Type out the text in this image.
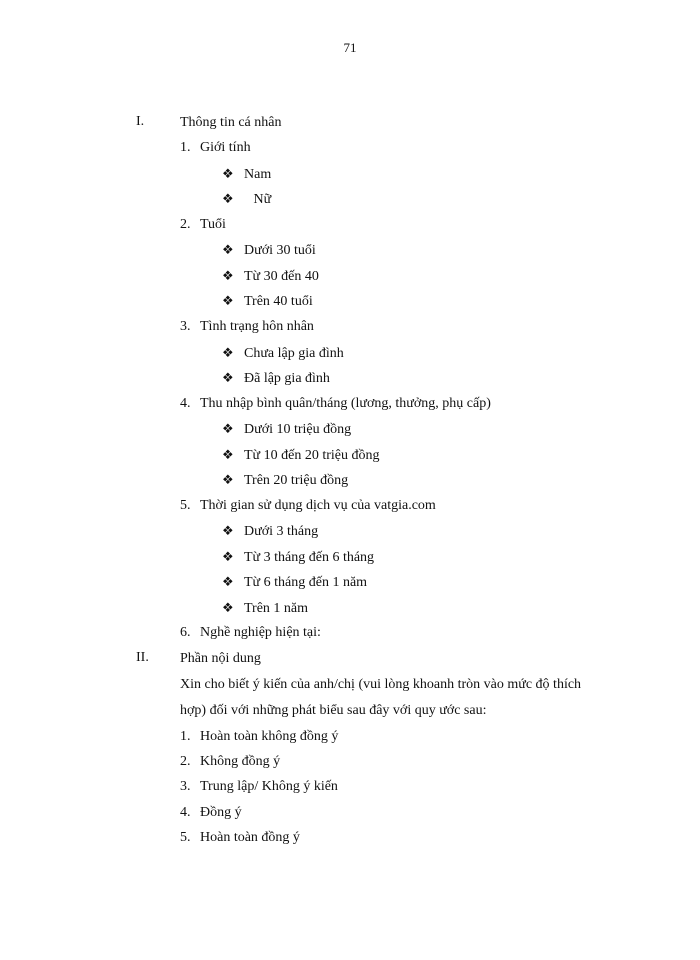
71
I.	Thông tin cá nhân
1. Giới tính
❖ Nam
❖ Nữ
2. Tuổi
❖ Dưới 30 tuổi
❖ Từ 30 đến 40
❖ Trên 40 tuổi
3. Tình trạng hôn nhân
❖ Chưa lập gia đình
❖ Đã lập gia đình
4. Thu nhập bình quân/tháng (lương, thưởng, phụ cấp)
❖ Dưới 10 triệu đồng
❖ Từ 10 đến 20 triệu đồng
❖ Trên 20 triệu đồng
5. Thời gian sử dụng dịch vụ của vatgia.com
❖ Dưới 3 tháng
❖ Từ 3 tháng đến 6 tháng
❖ Từ 6 tháng đến 1 năm
❖ Trên 1 năm
6. Nghề nghiệp hiện tại:
II. Phần nội dung
Xin cho biết ý kiến của anh/chị (vui lòng khoanh tròn vào mức độ thích
hợp) đối với những phát biểu sau đây với quy ước sau:
1. Hoàn toàn không đồng ý
2. Không đồng ý
3. Trung lập/ Không ý kiến
4. Đồng ý
5. Hoàn toàn đồng ý
